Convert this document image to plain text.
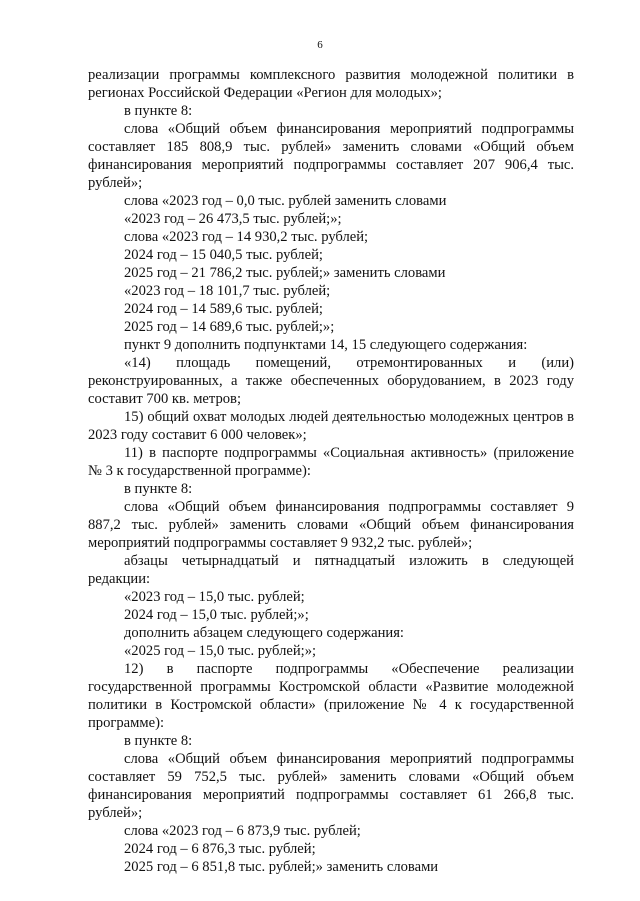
6

реализации программы комплексного развития молодежной политики в регионах Российской Федерации «Регион для молодых»;

в пункте 8:

слова «Общий объем финансирования мероприятий подпрограммы составляет 185 808,9 тыс. рублей» заменить словами «Общий объем финансирования мероприятий подпрограммы составляет 207 906,4 тыс. рублей»;

слова «2023 год – 0,0 тыс. рублей заменить словами

«2023 год – 26 473,5 тыс. рублей;»;

слова «2023 год – 14 930,2 тыс. рублей;

2024 год – 15 040,5 тыс. рублей;

2025 год – 21 786,2 тыс. рублей;» заменить словами

«2023 год – 18 101,7 тыс. рублей;

2024 год – 14 589,6 тыс. рублей;

2025 год – 14 689,6 тыс. рублей;»;

пункт 9 дополнить подпунктами 14, 15 следующего содержания:

«14) площадь помещений, отремонтированных и (или) реконструированных, а также обеспеченных оборудованием, в 2023 году составит 700 кв. метров;

15) общий охват молодых людей деятельностью молодежных центров в 2023 году составит 6 000 человек»;

11) в паспорте подпрограммы «Социальная активность» (приложение № 3 к государственной программе):

в пункте 8:

слова «Общий объем финансирования подпрограммы составляет 9 887,2 тыс. рублей» заменить словами «Общий объем финансирования мероприятий подпрограммы составляет 9 932,2 тыс. рублей»;

абзацы четырнадцатый и пятнадцатый изложить в следующей редакции:

«2023 год – 15,0 тыс. рублей;

2024 год – 15,0 тыс. рублей;»;

дополнить абзацем следующего содержания:

«2025 год – 15,0 тыс. рублей;»;

12) в паспорте подпрограммы «Обеспечение реализации государственной программы Костромской области «Развитие молодежной политики в Костромской области» (приложение № 4 к государственной программе):

в пункте 8:

слова «Общий объем финансирования мероприятий подпрограммы составляет 59 752,5 тыс. рублей» заменить словами «Общий объем финансирования мероприятий подпрограммы составляет 61 266,8 тыс. рублей»;

слова «2023 год – 6 873,9 тыс. рублей;

2024 год – 6 876,3 тыс. рублей;

2025 год – 6 851,8 тыс. рублей;» заменить словами
